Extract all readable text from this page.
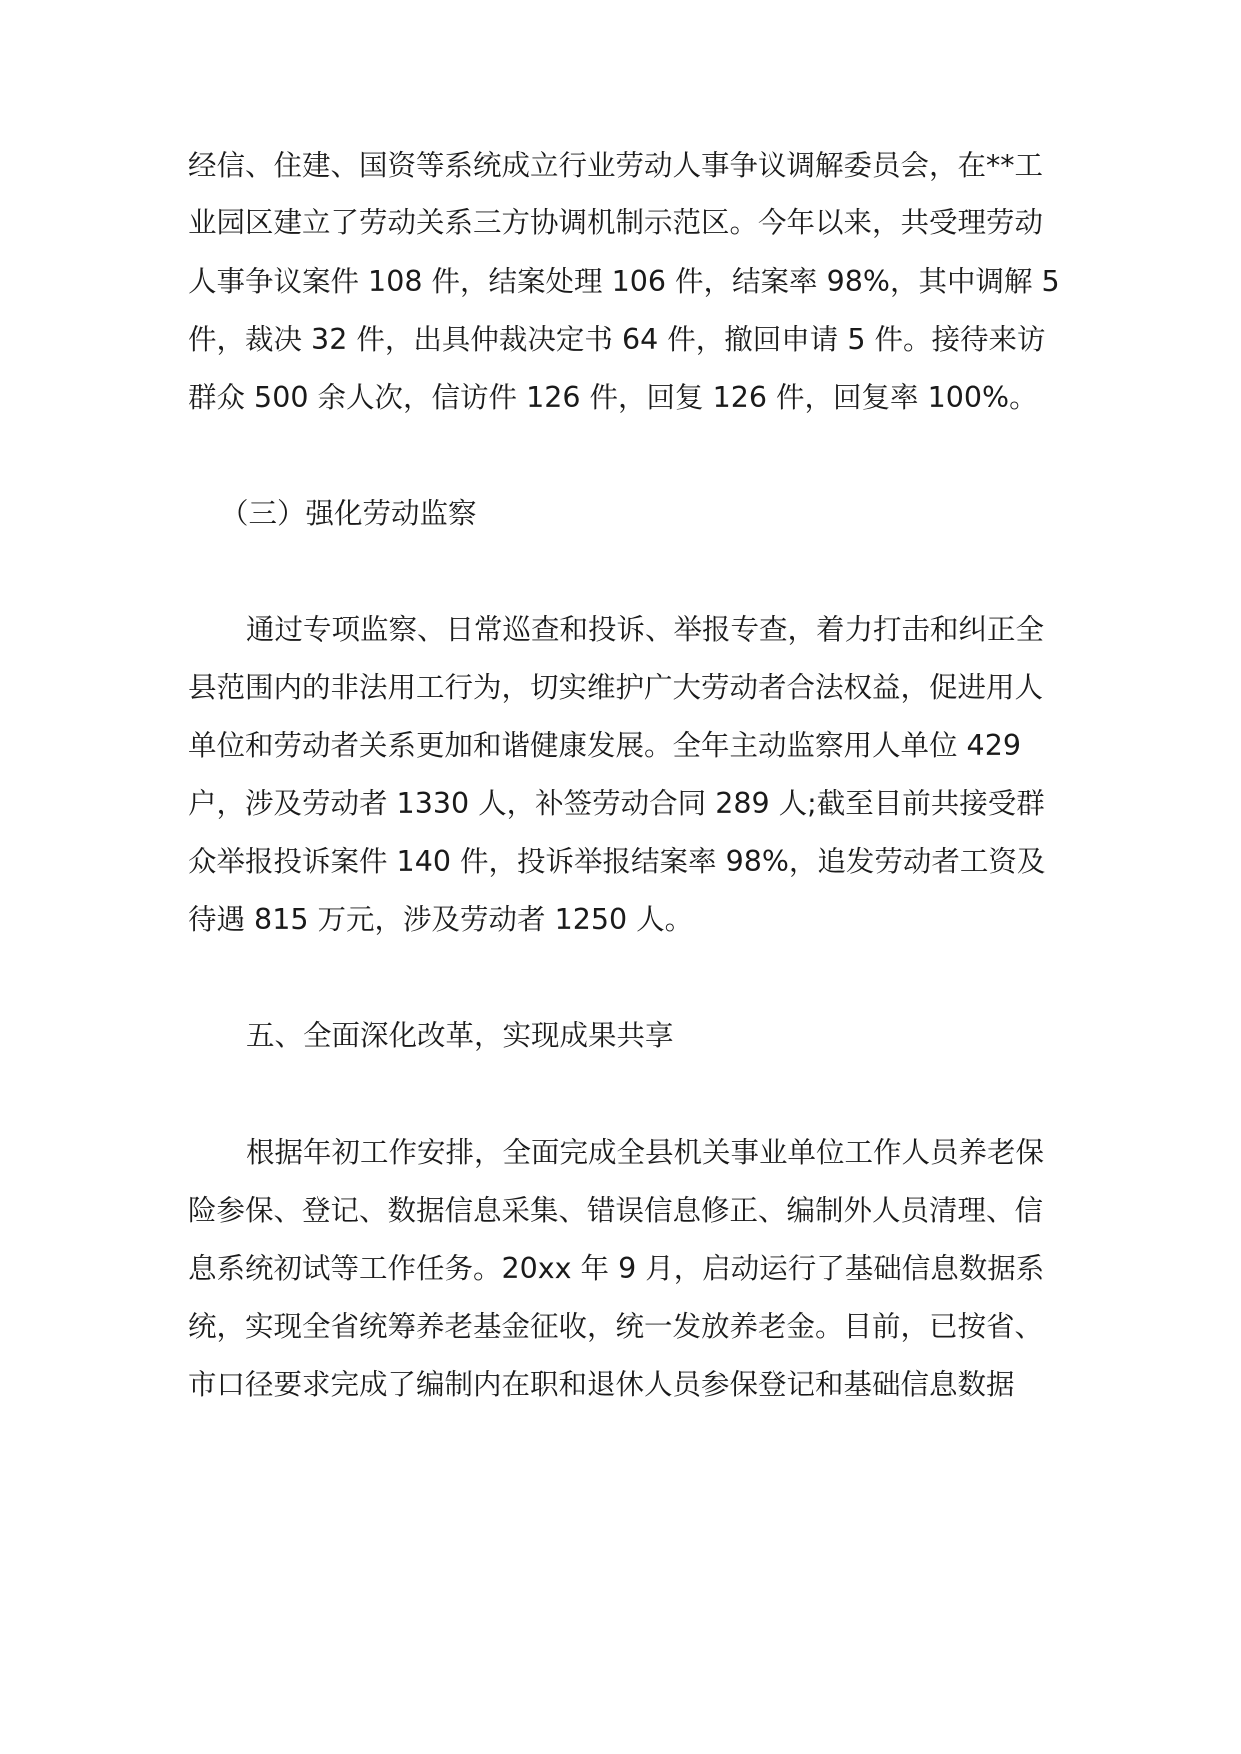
经信、住建、国资等系统成立行业劳动人事争议调解委员会，在**工
业园区建立了劳动关系三方协调机制示范区。今年以来，共受理劳动
人事争议案件 108 件，结案处理 106 件，结案率 98%，其中调解 5
件，裁决 32 件，出具仲裁决定书 64 件，撤回申请 5 件。接待来访
群众 500 余人次，信访件 126 件，回复 126 件，回复率 100%。
（三）强化劳动监察
通过专项监察、日常巡查和投诉、举报专查，着力打击和纠正全
县范围内的非法用工行为，切实维护广大劳动者合法权益，促进用人
单位和劳动者关系更加和谐健康发展。全年主动监察用人单位 429
户，涉及劳动者 1330 人，补签劳动合同 289 人;截至目前共接受群
众举报投诉案件 140 件，投诉举报结案率 98%，追发劳动者工资及
待遇 815 万元，涉及劳动者 1250 人。
五、全面深化改革，实现成果共享
根据年初工作安排，全面完成全县机关事业单位工作人员养老保
险参保、登记、数据信息采集、错误信息修正、编制外人员清理、信
息系统初试等工作任务。20xx 年 9 月，启动运行了基础信息数据系
统，实现全省统筹养老基金征收，统一发放养老金。目前，已按省、
市口径要求完成了编制内在职和退休人员参保登记和基础信息数据
